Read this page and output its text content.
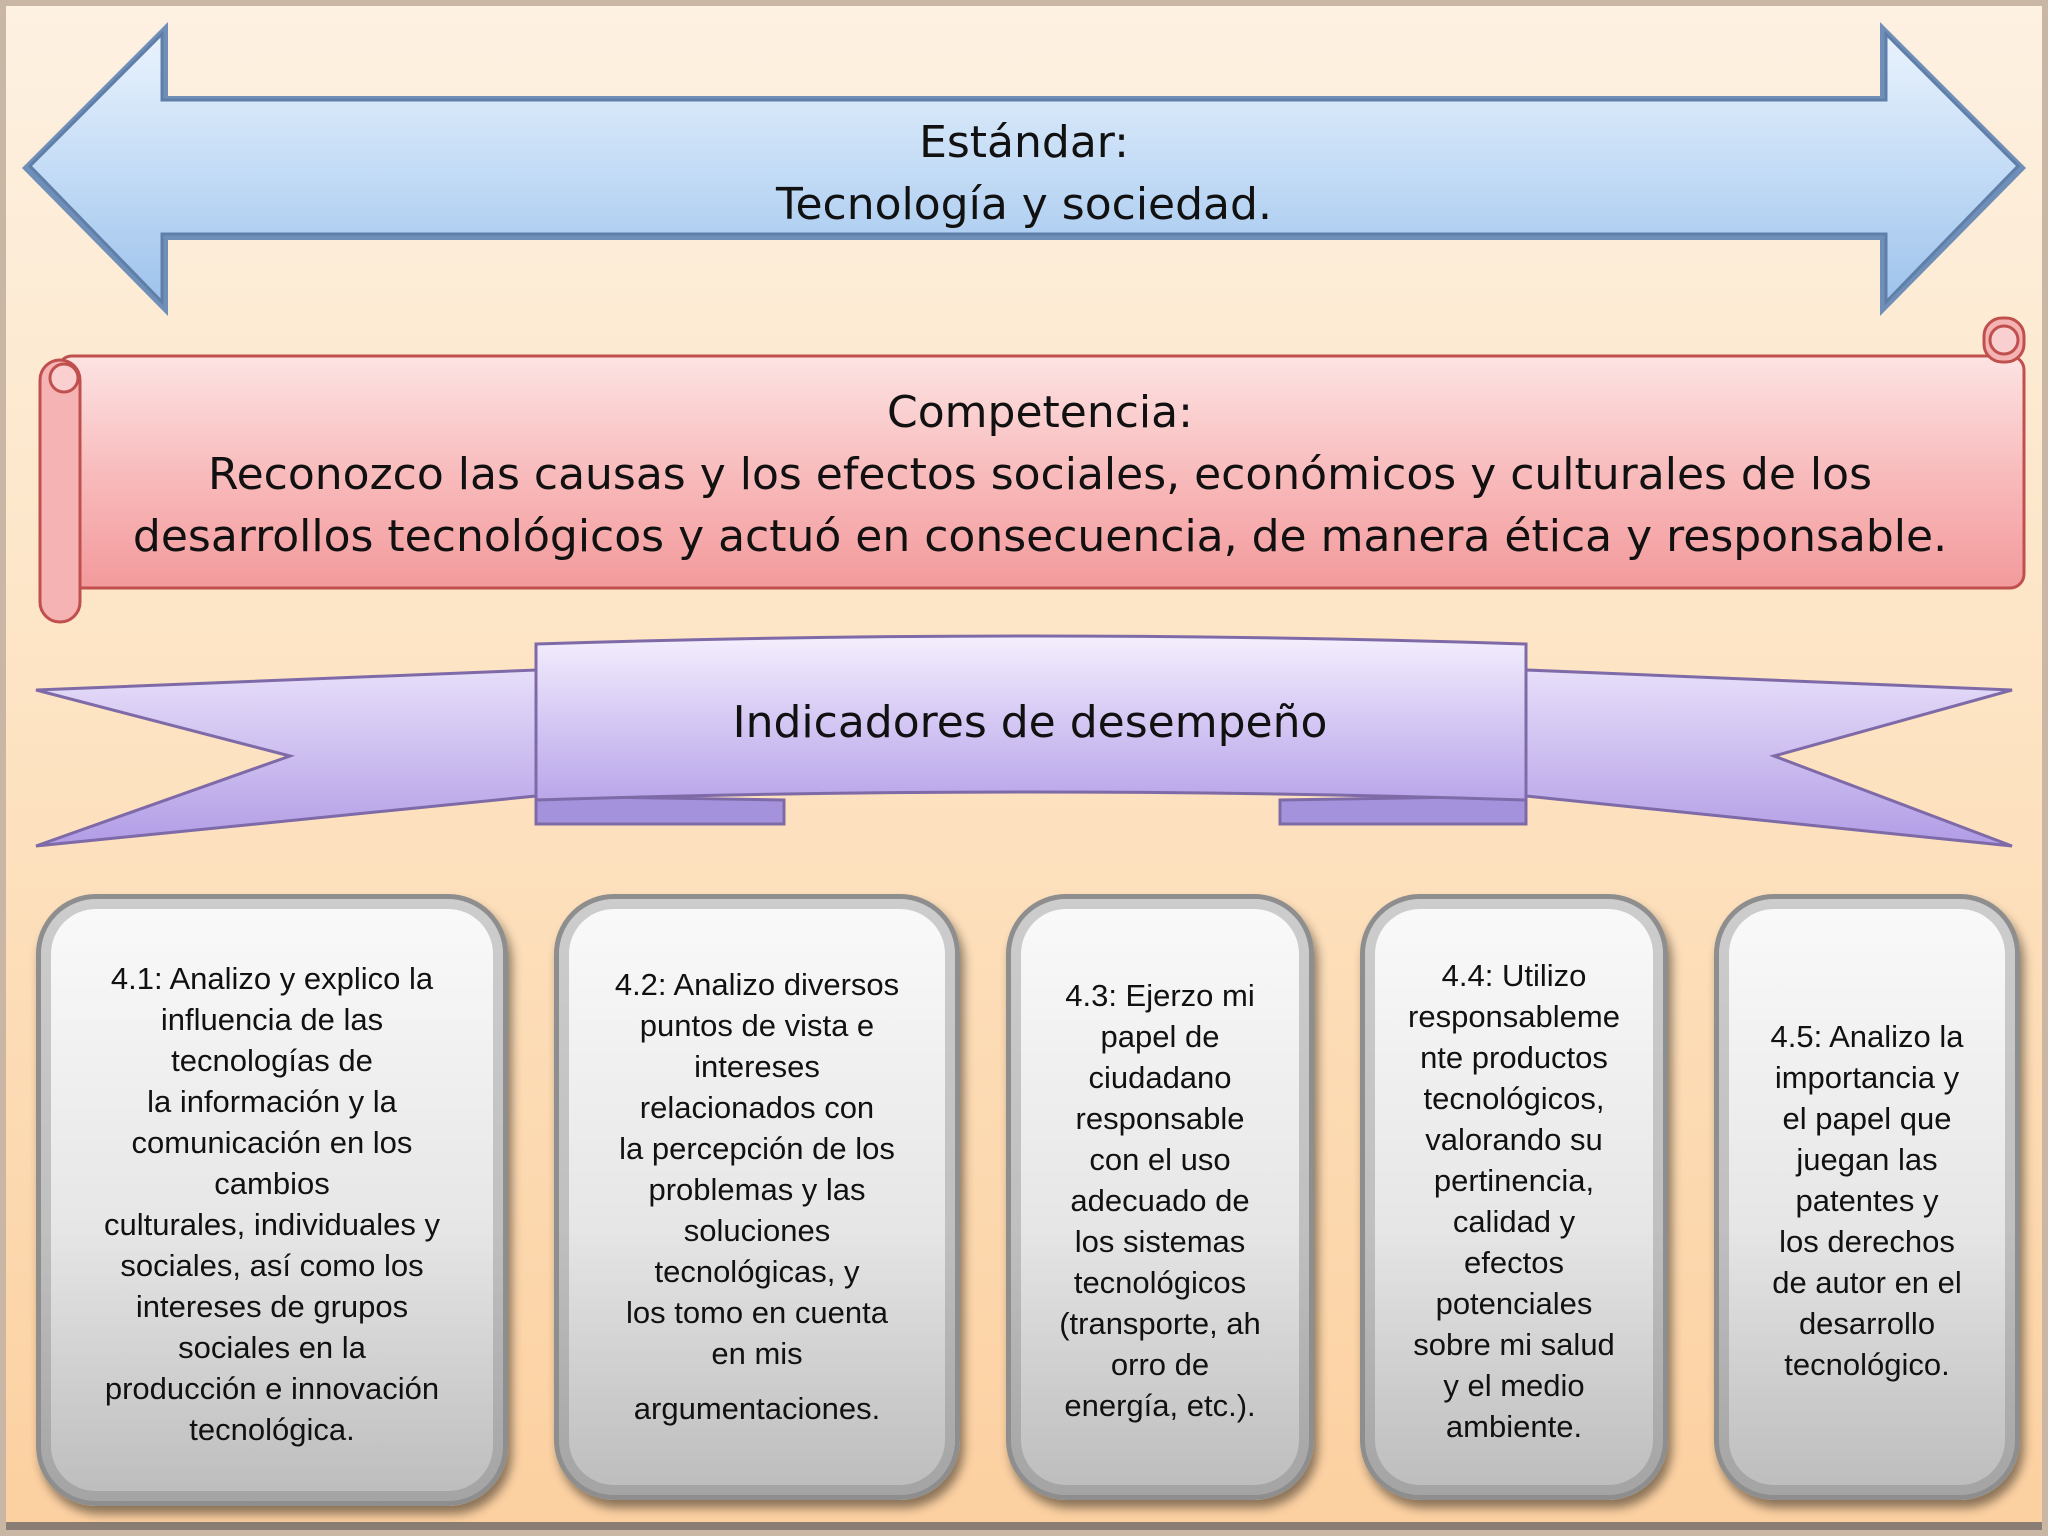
Estándar:
Tecnología y sociedad.
Competencia:
Reconozco las causas y los efectos sociales, económicos y culturales de los
desarrollos tecnológicos y actuó en consecuencia, de manera ética y responsable.
Indicadores de desempeño
4.1: Analizo y explico la
influencia de las
tecnologías de
la información y la
comunicación en los
cambios
culturales, individuales y
sociales, así como los
intereses de grupos
sociales en la
producción e innovación
tecnológica.
4.2: Analizo diversos
puntos de vista e
intereses
relacionados con
la percepción de los
problemas y las
soluciones
tecnológicas, y
los tomo en cuenta
en mis
argumentaciones.
4.3: Ejerzo mi
papel de
ciudadano
responsable
con el uso
adecuado de
los sistemas
tecnológicos
(transporte, ah
orro de
energía, etc.).
4.4: Utilizo
responsableme
nte productos
tecnológicos,
valorando su
pertinencia,
calidad y
efectos
potenciales
sobre mi salud
y el medio
ambiente.
4.5: Analizo la
importancia y
el papel que
juegan las
patentes y
los derechos
de autor en el
desarrollo
tecnológico.
